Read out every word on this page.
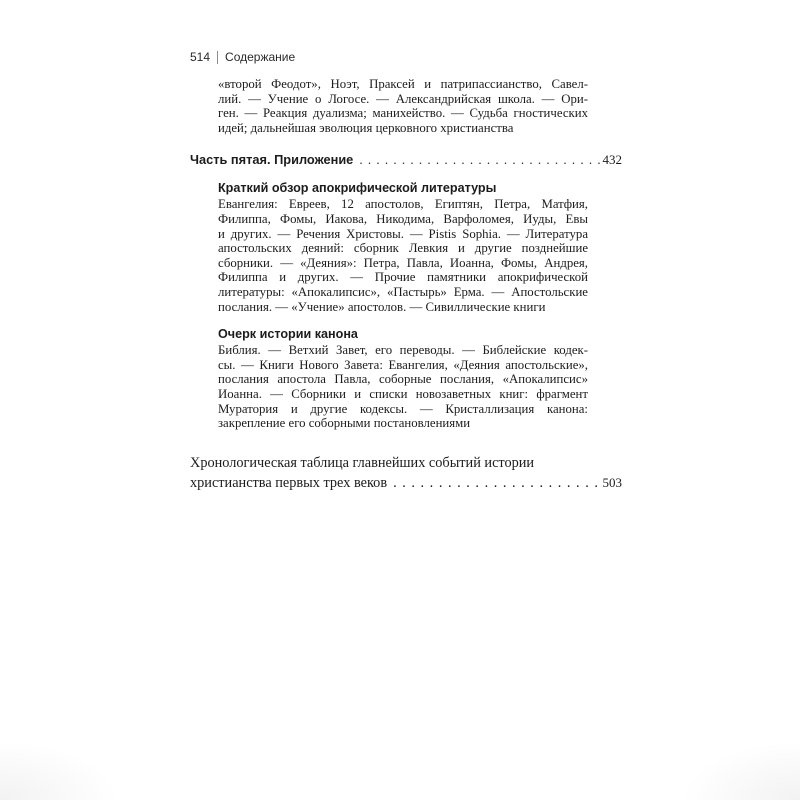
514 Содержание
«второй Феодот», Ноэт, Праксей и патрипассианство, Савел-
лий. — Учение о Логосе. — Александрийская школа. — Ори-
ген. — Реакция дуализма; манихейство. — Судьба гностических
идей; дальнейшая эволюция церковного христианства
Часть пятая. Приложение . . .	432
Краткий обзор апокрифической литературы
Евангелия: Евреев, 12 апостолов, Египтян, Петра, Матфия,
Филиппа, Фомы, Иакова, Никодима, Варфоломея, Иуды, Евы
и других. — Речения Христовы. — Pistis Sophia. — Литература
апостольских деяний: сборник Левкия и другие позднейшие
сборники. — «Деяния»: Петра, Павла, Иоанна, Фомы, Андрея,
Филиппа и других. — Прочие памятники апокрифической
литературы: «Апокалипсис», «Пастырь» Ерма. — Апостольские
послания. — «Учение» апостолов. — Сивиллические книги
Очерк истории канона
Библия. — Ветхий Завет, его переводы. — Библейские кодек-
сы. — Книги Нового Завета: Евангелия, «Деяния апостольские»,
послания апостола Павла, соборные послания, «Апокалипсис»
Иоанна. — Сборники и списки новозаветных книг: фрагмент
Муратория и другие кодексы. — Кристаллизация канона:
закрепление его соборными постановлениями
Хронологическая таблица главнейших событий истории
христианства первых трех веков . . .	503
